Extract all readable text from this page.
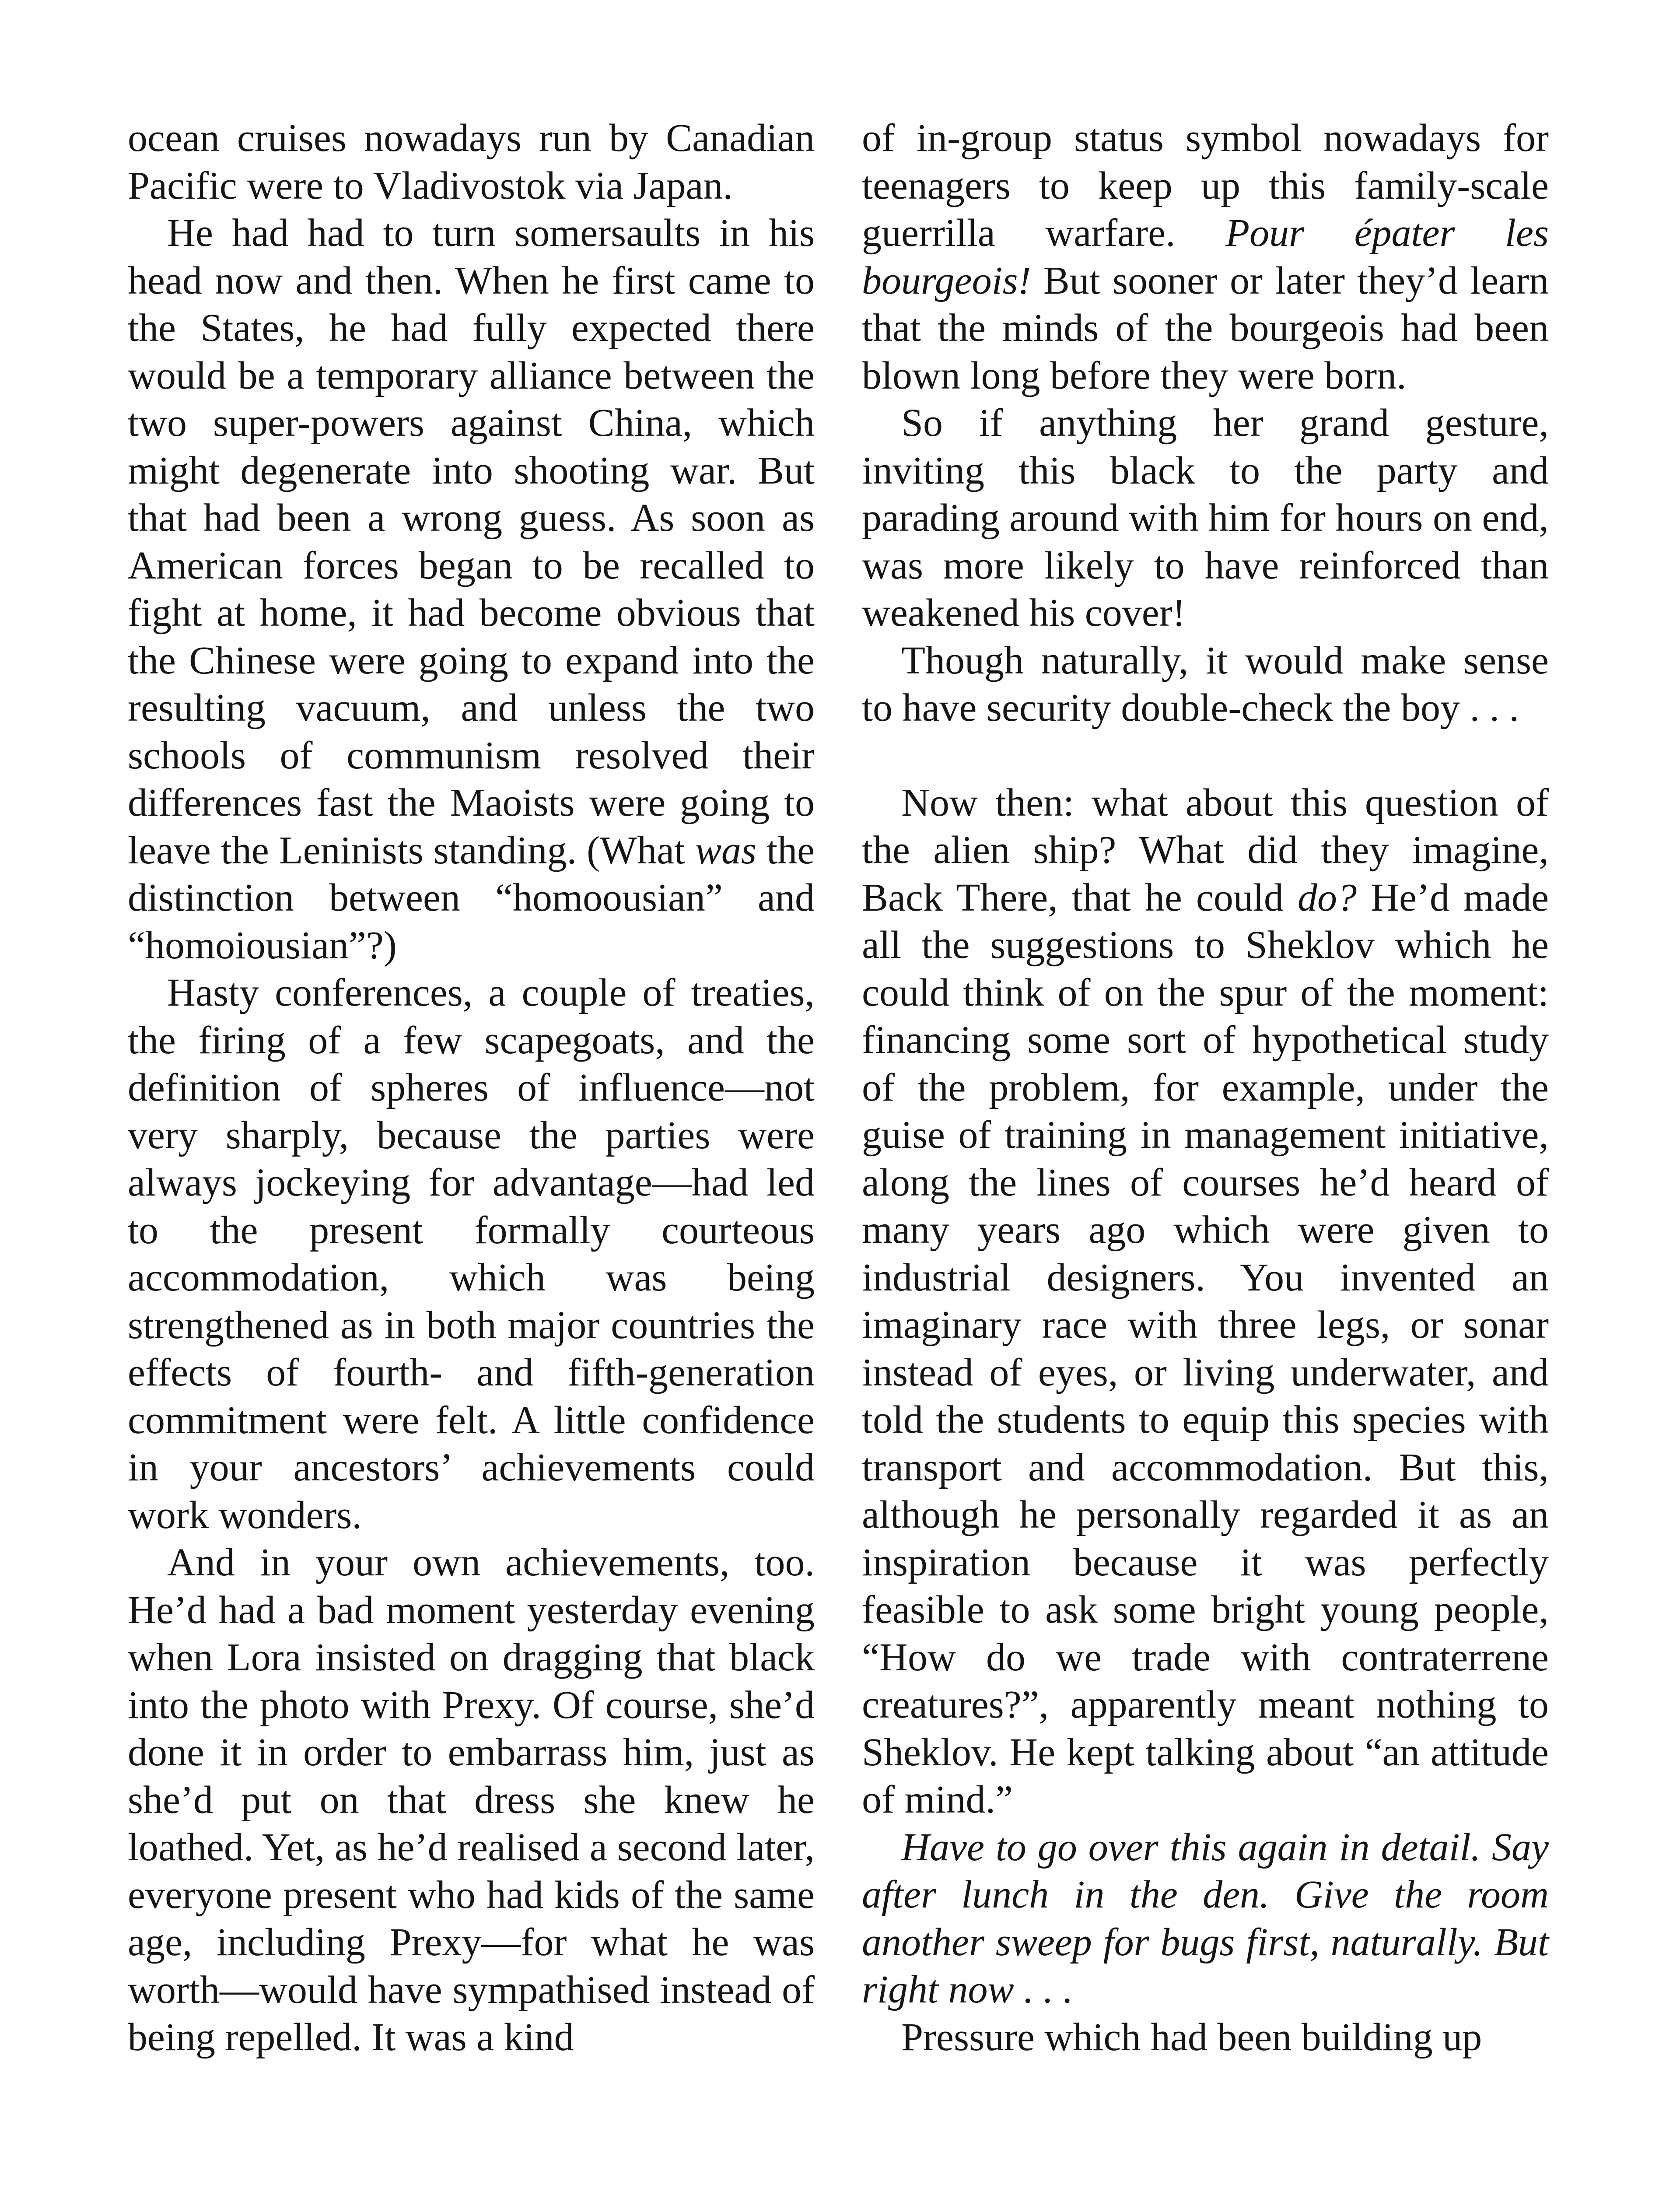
ocean cruises nowadays run by Canadian Pacific were to Vladivostok via Japan.

He had had to turn somersaults in his head now and then. When he first came to the States, he had fully expected there would be a temporary alliance between the two super-powers against China, which might degenerate into shooting war. But that had been a wrong guess. As soon as American forces began to be recalled to fight at home, it had become obvious that the Chinese were going to expand into the resulting vacuum, and unless the two schools of communism resolved their differences fast the Maoists were going to leave the Leninists standing. (What was the distinction between “homoousian” and “homoiousian”?)

Hasty conferences, a couple of treaties, the firing of a few scapegoats, and the definition of spheres of influence—not very sharply, because the parties were always jockeying for advantage—had led to the present formally courteous accommodation, which was being strengthened as in both major countries the effects of fourth- and fifth-generation commitment were felt. A little confidence in your ancestors’ achievements could work wonders.

And in your own achievements, too. He’d had a bad moment yesterday evening when Lora insisted on dragging that black into the photo with Prexy. Of course, she’d done it in order to embarrass him, just as she’d put on that dress she knew he loathed. Yet, as he’d realised a second later, everyone present who had kids of the same age, including Prexy—for what he was worth—would have sympathised instead of being repelled. It was a kind

of in-group status symbol nowadays for teenagers to keep up this family-scale guerrilla warfare. Pour épater les bourgeois! But sooner or later they’d learn that the minds of the bourgeois had been blown long before they were born.

So if anything her grand gesture, inviting this black to the party and parading around with him for hours on end, was more likely to have reinforced than weakened his cover!

Though naturally, it would make sense to have security double-check the boy . . .

Now then: what about this question of the alien ship? What did they imagine, Back There, that he could do? He’d made all the suggestions to Sheklov which he could think of on the spur of the moment: financing some sort of hypothetical study of the problem, for example, under the guise of training in management initiative, along the lines of courses he’d heard of many years ago which were given to industrial designers. You invented an imaginary race with three legs, or sonar instead of eyes, or living underwater, and told the students to equip this species with transport and accommodation. But this, although he personally regarded it as an inspiration because it was perfectly feasible to ask some bright young people, “How do we trade with contraterrene creatures?”, apparently meant nothing to Sheklov. He kept talking about “an attitude of mind.”

Have to go over this again in detail. Say after lunch in the den. Give the room another sweep for bugs first, naturally. But right now . . .

Pressure which had been building up
